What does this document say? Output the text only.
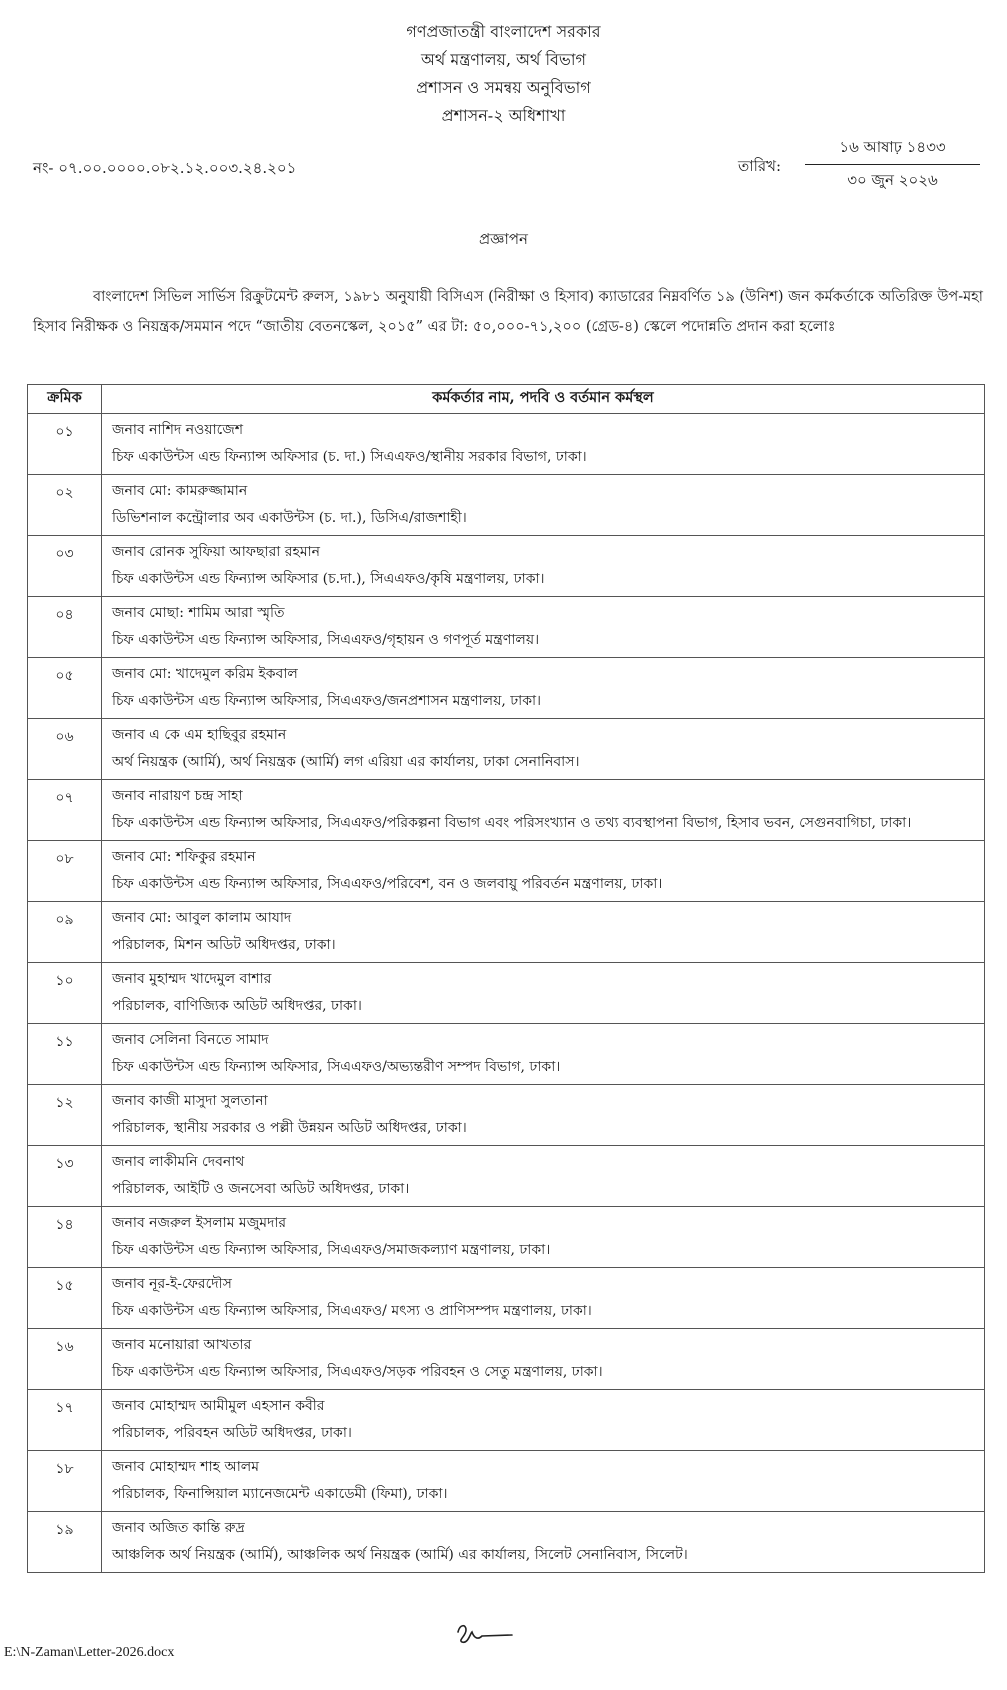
গণপ্রজাতন্ত্রী বাংলাদেশ সরকার
অর্থ মন্ত্রণালয়, অর্থ বিভাগ
প্রশাসন ও সমন্বয় অনুবিভাগ
প্রশাসন-২ অধিশাখা
নং- ০৭.০০.০০০০.০৮২.১২.০০৩.২৪.২০১	তারিখ:
১৬ আষাঢ় ১৪৩৩
৩০ জুন ২০২৬
প্রজ্ঞাপন
বাংলাদেশ সিভিল সার্ভিস রিক্রুটমেন্ট রুলস, ১৯৮১ অনুযায়ী বিসিএস (নিরীক্ষা ও হিসাব) ক্যাডারের নিম্নবর্ণিত ১৯ (উনিশ) জন কর্মকর্তাকে অতিরিক্ত উপ-মহা হিসাব নিরীক্ষক ও নিয়ন্ত্রক/সমমান পদে “জাতীয় বেতনস্কেল, ২০১৫” এর টা: ৫০,০০০-৭১,২০০ (গ্রেড-৪) স্কেলে পদোন্নতি প্রদান করা হলোঃ
ক্রমিক	কর্মকর্তার নাম, পদবি ও বর্তমান কর্মস্থল
০১	জনাব নাশিদ নওয়াজেশ
চিফ একাউন্টস এন্ড ফিন্যান্স অফিসার (চ. দা.) সিএএফও/স্থানীয় সরকার বিভাগ, ঢাকা।

০২	জনাব মো: কামরুজ্জামান
ডিভিশনাল কন্ট্রোলার অব একাউন্টস (চ. দা.), ডিসিএ/রাজশাহী।

০৩	জনাব রোনক সুফিয়া আফছারা রহমান
চিফ একাউন্টস এন্ড ফিন্যান্স অফিসার (চ.দা.), সিএএফও/কৃষি মন্ত্রণালয়, ঢাকা।

০৪	জনাব মোছা: শামিম আরা স্মৃতি
চিফ একাউন্টস এন্ড ফিন্যান্স অফিসার, সিএএফও/গৃহায়ন ও গণপূর্ত মন্ত্রণালয়।

০৫	জনাব মো: খাদেমুল করিম ইকবাল
চিফ একাউন্টস এন্ড ফিন্যান্স অফিসার, সিএএফও/জনপ্রশাসন মন্ত্রণালয়, ঢাকা।

০৬	জনাব এ কে এম হাছিবুর রহমান
অর্থ নিয়ন্ত্রক (আর্মি), অর্থ নিয়ন্ত্রক (আর্মি) লগ এরিয়া এর কার্যালয়, ঢাকা সেনানিবাস।

০৭	জনাব নারায়ণ চন্দ্র সাহা
চিফ একাউন্টস এন্ড ফিন্যান্স অফিসার, সিএএফও/পরিকল্পনা বিভাগ এবং পরিসংখ্যান ও তথ্য ব্যবস্থাপনা বিভাগ, হিসাব ভবন, সেগুনবাগিচা, ঢাকা।

০৮	জনাব মো: শফিকুর রহমান
চিফ একাউন্টস এন্ড ফিন্যান্স অফিসার, সিএএফও/পরিবেশ, বন ও জলবায়ু পরিবর্তন মন্ত্রণালয়, ঢাকা।

০৯	জনাব মো: আবুল কালাম আযাদ
পরিচালক, মিশন অডিট অধিদপ্তর, ঢাকা।

১০	জনাব মুহাম্মদ খাদেমুল বাশার
পরিচালক, বাণিজ্যিক অডিট অধিদপ্তর, ঢাকা।

১১	জনাব সেলিনা বিনতে সামাদ
চিফ একাউন্টস এন্ড ফিন্যান্স অফিসার, সিএএফও/অভ্যন্তরীণ সম্পদ বিভাগ, ঢাকা।

১২	জনাব কাজী মাসুদা সুলতানা
পরিচালক, স্থানীয় সরকার ও পল্লী উন্নয়ন অডিট অধিদপ্তর, ঢাকা।

১৩	জনাব লাকীমনি দেবনাথ
পরিচালক, আইটি ও জনসেবা অডিট অধিদপ্তর, ঢাকা।

১৪	জনাব নজরুল ইসলাম মজুমদার
চিফ একাউন্টস এন্ড ফিন্যান্স অফিসার, সিএএফও/সমাজকল্যাণ মন্ত্রণালয়, ঢাকা।

১৫	জনাব নূর-ই-ফেরদৌস
চিফ একাউন্টস এন্ড ফিন্যান্স অফিসার, সিএএফও/ মৎস্য ও প্রাণিসম্পদ মন্ত্রণালয়, ঢাকা।

১৬	জনাব মনোয়ারা আখতার
চিফ একাউন্টস এন্ড ফিন্যান্স অফিসার, সিএএফও/সড়ক পরিবহন ও সেতু মন্ত্রণালয়, ঢাকা।

১৭	জনাব মোহাম্মদ আমীমুল এহসান কবীর
পরিচালক, পরিবহন অডিট অধিদপ্তর, ঢাকা।

১৮	জনাব মোহাম্মদ শাহ আলম
পরিচালক, ফিনান্সিয়াল ম্যানেজমেন্ট একাডেমী (ফিমা), ঢাকা।

১৯	জনাব অজিত কান্তি রুদ্র
আঞ্চলিক অর্থ নিয়ন্ত্রক (আর্মি), আঞ্চলিক অর্থ নিয়ন্ত্রক (আর্মি) এর কার্যালয়, সিলেট সেনানিবাস, সিলেট।
E:\N-Zaman\Letter-2026.docx
